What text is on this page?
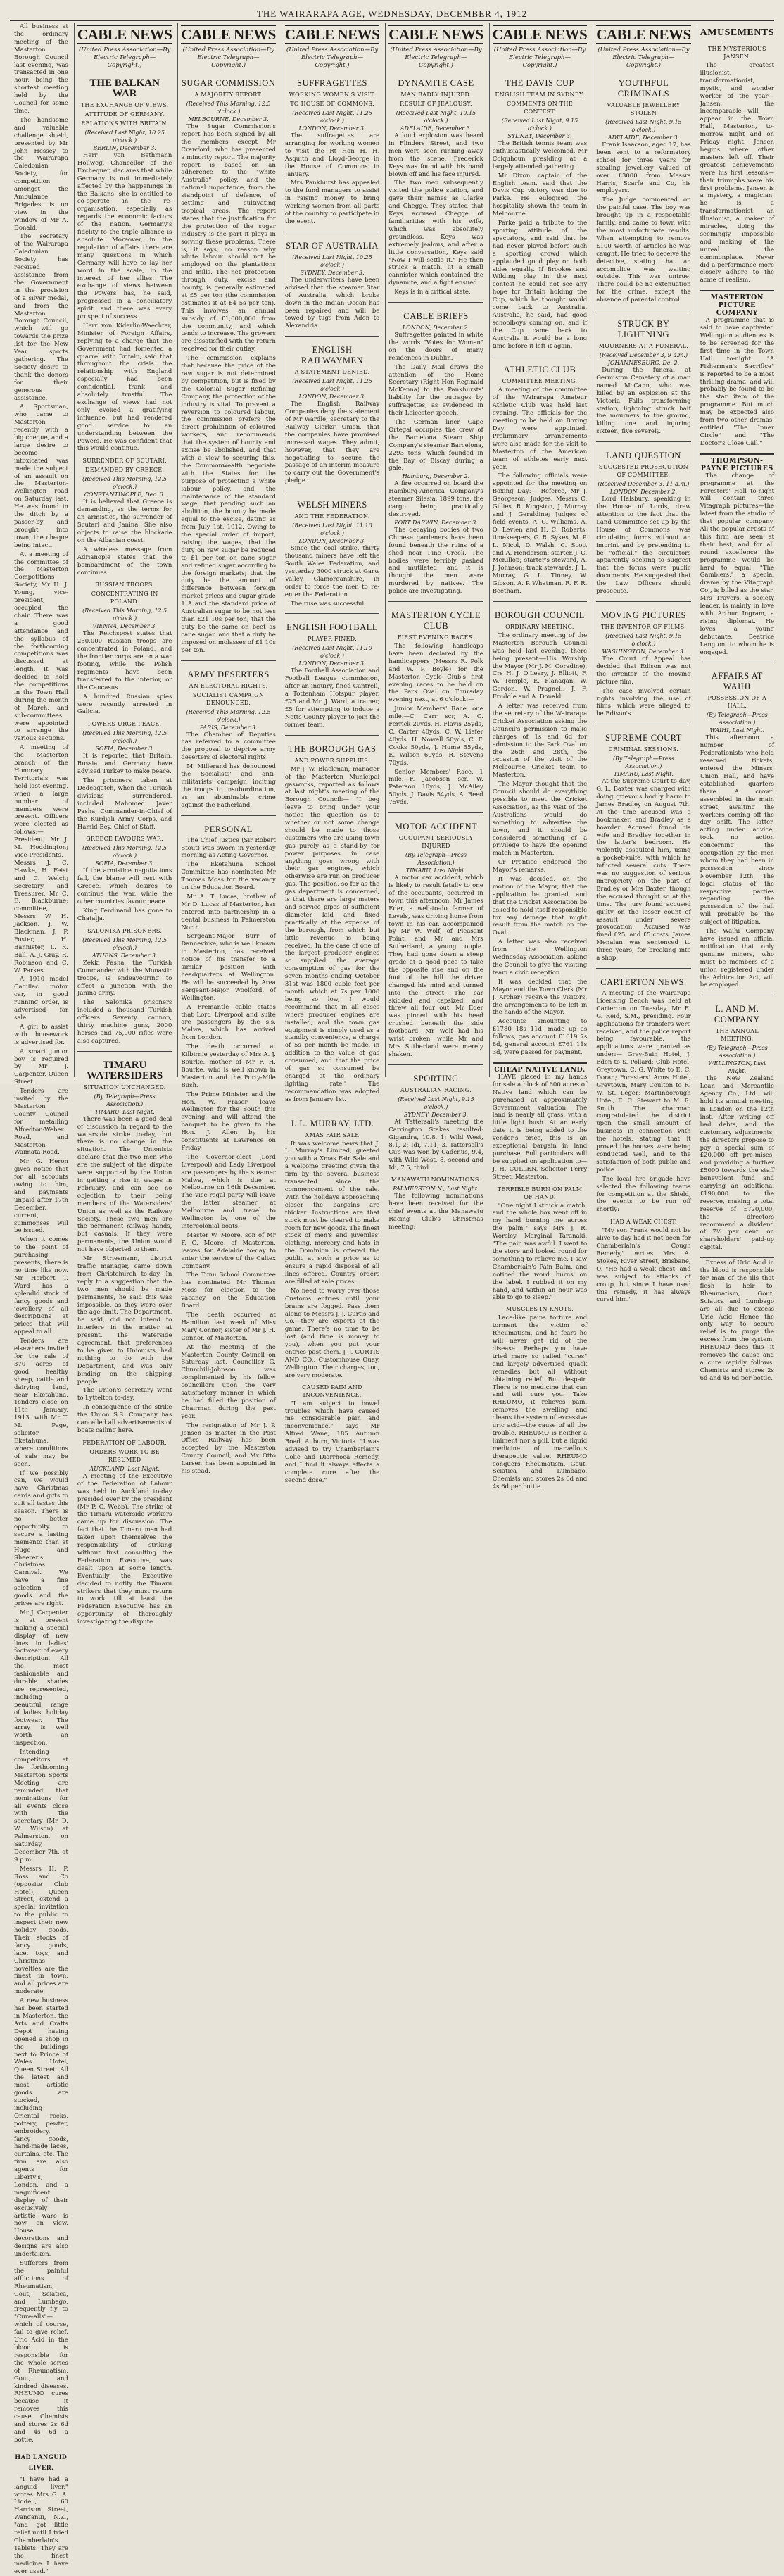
THE WAIRARAPA AGE, WEDNESDAY, DECEMBER 4, 1912

All business at the ordinary meeting of the Masterton Borough Council last evening, was transacted in one hour, being the shortest meeting held by the Council for some time.

The handsome and valuable challenge shield, presented by Mr John Hessey to the Wairarapa Caledonian Society, for competition amongst the Ambulance Brigades, is on view in the window of Mr A. Donald.

The secretary of the Wairarapa Caledonian Society has received assistance from the Government in the provision of a silver medal, and from the Masterton Borough Council, which will go towards the prize list for the New Year sports gathering. The Society desire to thank the donors for their generous assistance.

A Sportsman, who came to Masterton recently with a big cheque, and a large desire to become intoxicated, was made the subject of an assault on the Masterton-Wellington road on Saturday last. He was found in the ditch by a passer-by and brought into town, the cheque being intact.

At a meeting of the committee of the Masterton Competitions Society, Mr H. J. Young, vice-president, occupied the chair. There was a good attendance and the syllabus of the forthcoming competitions was discussed at length. It was decided to hold the competitions in the Town Hall during the month of March, and sub-committees were appointed to arrange the various sections.

A meeting of the Masterton branch of the Honorary Territorials was held last evening, when a large number of members were present. Officers were elected as follows:— President, Mr J. M. Hoddington; Vice-Presidents, Messrs J. C. Hawke, H. Feist and C. Welch; Secretary and Treasurer, Mr C. E. Blackburne; committee, Messrs W. H. Jackson, J. W. Blackman, J. P. Foster, H. Bannister, L. R. Ball, A. J. Gray, R. Robinson and C. W. Parkes.

A 1910 model Cadillac motor car, in good running order, is advertised for sale.

A girl to assist with housework is advertised for.

A smart junior boy is required by Mr J. Carpenter, Queen Street.

Tenders are invited by the Masterton County Council for metalling Alfredton-Weber Road, and Masterton-Waimata Road.

Mr G. Heron gives notice that for all accounts owing to him, and payments unpaid after 17th December, current, summonses will be issued.

When it comes to the point of purchasing presents, there is no time like now. Mr Herbert T. Ward has a splendid stock of fancy goods and jewellery of all descriptions at prices that will appeal to all.

Tenders are elsewhere invited for the sale of 370 acres of good healthy sheep, cattle and dairying land, near Eketahuna. Tenders close on 11th January, 1913, with Mr T. M. Page, solicitor, Eketahuna, where conditions of sale may be seen.

If we possibly can, we would have Christmas cards and gifts to suit all tastes this season. There is no better opportunity to secure a lasting memento than at Hugo and Sheerer's Christmas Carnival. We have a fine selection of goods and the prices are right.

Mr J. Carpenter is at present making a special display of new lines in ladies' footwear of every description. All the most fashionable and durable shades are represented, including a beautiful range of ladies' holiday footwear. The array is well worth an inspection.

Intending competitors at the forthcoming Masterton Sports Meeting are reminded that nominations for all events close with the secretary (Mr D. W. Wilson) at Palmerston, on Saturday, December 7th, at 9 p.m.

Messrs H. P. Ross and Co (opposite Club Hotel), Queen Street, extend a special invitation to the public to inspect their new holiday goods. Their stocks of fancy goods, lace, toys, and Christmas novelties are the finest in town, and all prices are moderate.

A new business has been started in Masterton, the Arts and Crafts Depot having opened a shop in the buildings next to Prince of Wales Hotel, Queen Street. All the latest and most artistic goods are stocked, including Oriental rocks, pottery, pewter, embroidery, fancy goods, hand-made laces, curtains, etc. The firm are also agents for Liberty's, London, and a magnificent display of their exclusively artistic ware is now on view. House decorations and designs are also undertaken.

Sufferers from the painful afflictions of Rheumatism, Gout, Sciatica, and Lumbago, frequently fly to "Cure-alls"—which of course, fail to give relief. Uric Acid in the blood is responsible for the whole series of Rheumatism, Gout, and kindred diseases. RHEUMO cures because it removes this cause. Chemists and stores 2s 6d and 4s 6d a bottle.

HAD LANGUID LIVER.

"I have had a languid liver," writes Mrs G. A. Liddell, 60 Harrison Street, Wanganui, N.Z., "and got little relief until I tried Chamberlain's Tablets. They are the finest medicine I have ever used."

CABLE NEWS
(United Press Association—By Electric Telegraph—Copyright.)
THE BALKAN WAR
THE EXCHANGE OF VIEWS.
ATTITUDE OF GERMANY.
RELATIONS WITH BRITAIN.
(Received Last Night, 10.25 o'clock.)
BERLIN, December 3.

Herr von Bethmann Hollweg, Chancellor of the Exchequer, declares that while Germany is not immediately affected by the happenings in the Balkans, she is entitled to co-operate in the re-organisation, especially as regards the economic factors of the nation. Germany's fidelity to the triple alliance is absolute. Moreover, in the regulation of affairs there are many questions in which Germany will have to lay her word in the scale, in the interest of her allies. The exchange of views between the Powers has, he said, progressed in a conciliatory spirit, and there was every prospect of success.

Herr von Kiderlin-Waechter, Minister of Foreign Affairs, replying to a charge that the Government had fomented a quarrel with Britain, said that throughout the crisis the relationship with England especially had been confidential, frank, and absolutely trustful. The exchange of views had not only evoked a gratifying influence, but had rendered good service to an understanding between the Powers. He was confident that this would continue.

SURRENDER OF SCUTARI.
DEMANDED BY GREECE.
(Received This Morning, 12.5 o'clock.)
CONSTANTINOPLE, Dec. 3.

It is believed that Greece is demanding, as the terms for an armistice, the surrender of Scutari and Janina. She also objects to raise the blockade on the Albanian coast.

A wireless message from Adrianople states that the bombardment of the town continues.

RUSSIAN TROOPS.
CONCENTRATING IN POLAND.
(Received This Morning, 12.5 o'clock.)
VIENNA, December 3.

The Reichspost states that 250,000 Russian troops are concentrated in Poland, and the frontier corps are on a war footing, while the Polish regiments have been transferred to the interior, or the Caucasus.

A hundred Russian spies were recently arrested in Galicia.

POWERS URGE PEACE.
(Received This Morning, 12.5 o'clock.)
SOFIA, December 3.

It is reported that Britain, Russia and Germany have advised Turkey to make peace.

The prisoners taken at Dedeagatch, when the Turkish divisions surrendered, included Mahomed Javer Pasha, Commander-in-Chief of the Kurdjali Army Corps, and Hamid Bey, Chief of Staff.

GREECE FAVOURS WAR.
(Received This Morning, 12.5 o'clock.)
SOFIA, December 3.

If the armistice negotiations fail, the blame will rest with Greece, which desires to continue the war, while the other countries favour peace.

King Ferdinand has gone to Chatalja.

SALONIKA PRISONERS.
(Received This Morning, 12.5 o'clock.)
ATHENS, December 3.

Zekki Pasha, the Turkish Commander with the Monastir troops, is endeavouring to effect a junction with the Janina army.

The Salonika prisoners included a thousand Turkish officers. Seventy cannon, thirty machine guns, 2000 horses and 75,000 rifles were also captured.

TIMARU WATERSIDERS
SITUATION UNCHANGED.
(By Telegraph—Press Association.)
TIMARU, Last Night.

There was been a good deal of discussion in regard to the waterside strike to-day, but there is no change in the situation. The Unionists declare that the two men who are the subject of the dispute were supported by the Union in getting a rise in wages in February, and can see no objection to their being members of the Watersiders' Union as well as the Railway Society. These two men are the permanent railway hands, but casuals. If they were permanents, the Union would not have objected to them.

Mr Striesmann, district traffic manager, came down from Christchurch to-day. In reply to a suggestion that the two men should be made permanents, he said this was impossible, as they were over the age limit. The Department, he said, did not intend to interfere in the matter at present. The waterside agreement, that preferences to be given to Unionists, had nothing to do with the Department, and was only binding on the shipping people.

The Union's secretary went to Lyttelton to-day.

In consequence of the strike the Union S.S. Company has cancelled all advertisements of boats calling here.

FEDERATION OF LABOUR.
ORDERS WORK TO BE RESUMED
AUCKLAND, Last Night.

A meeting of the Executive of the Federation of Labour was held in Auckland to-day presided over by the president (Mr P. C. Webb). The strike of the Timaru waterside workers came up for discussion. The fact that the Timaru men had taken upon themselves the responsibility of striking without first consulting the Federation Executive, was dealt upon at some length. Eventually the Executive decided to notify the Timaru strikers that they must return to work, till at least the Federation Executive has an opportunity of thoroughly investigating the dispute.

CABLE NEWS
(United Press Association—By Electric Telegraph—Copyright.)
SUGAR COMMISSION
A MAJORITY REPORT.
(Received This Morning, 12.5 o'clock.)
MELBOURNE, December 3.

The Sugar Commission's report has been signed by all the members except Mr Crawford, who has presented a minority report. The majority report is based on an adherence to the "white Australia" policy, and the national importance, from the standpoint of defence, of settling and cultivating tropical areas. The report states that the justification for the protection of the sugar industry is the part it plays in solving these problems. There is, it says, no reason why white labour should not be employed on the plantations and mills. The net protection through duty, excise and bounty, is generally estimated at £5 per ton (the commission estimates it at £4 5s per ton). This involves an annual subsidy of £1,000,000 from the community, and which tends to increase. The growers are dissatisfied with the return received for their outlay.

The commission explains that because the price of the raw sugar is not determined by competition, but is fixed by the Colonial Sugar Refining Company, the protection of the industry is vital. To prevent a reversion to coloured labour, the commission prefers the direct prohibition of coloured workers, and recommends that the system of bounty and excise be abolished, and that with a view to securing this, the Commonwealth negotiate with the States for the purpose of protecting a white labour policy, and the maintenance of the standard wage; that pending such an abolition, the bounty be made equal to the excise, dating as from July 1st, 1912. Owing to the special order of import, raising the wages, that the duty on raw sugar be reduced to £1 per ton on cane sugar and refined sugar according to the foreign markets; that the duty be the amount of difference between foreign market prices and sugar grade 1 A and the standard price of Australian sugar to be not less than £21 10s per ton; that the duty be the same on beet as cane sugar, and that a duty be imposed on molasses of £1 10s per ton.

ARMY DESERTERS
AN ELECTORAL RIGHTS.
SOCIALIST CAMPAIGN DENOUNCED.
(Received This Morning, 12.5 o'clock.)
PARIS, December 3.

The Chamber of Deputies has referred to a committee the proposal to deprive army deserters of electoral rights.

M. Millerand has denounced the Socialists' and anti-militarists' campaign, inciting the troops to insubordination, as an abominable crime against the Fatherland.

PERSONAL

The Chief Justice (Sir Robert Stout) was sworn in yesterday morning as Acting-Governor.

The Eketahuna School Committee has nominated Mr Thomas Moss for the vacancy on the Education Board.

Mr A. T. Lucas, brother of Mr D. Lucas of Masterton, has entered into partnership in a dental business in Palmerston North.

Sergeant-Major Burr of Dannevirke, who is well known in Masterton, has received notice of his transfer to a similar position with headquarters at Wellington. He will be succeeded by Area Sergeant-Major Woolford, of Wellington.

A Fremantle cable states that Lord Liverpool and suite are passengers by the s.s. Malwa, which has arrived from London.

The death occurred at Kilbirnie yesterday of Mrs A. J. Bourke, mother of Mr F. H. Bourke, who is well known in Masterton and the Forty-Mile Bush.

The Prime Minister and the Hon. W. Fraser leave Wellington for the South this evening, and will attend the banquet to be given to the Hon. J. Allen by his constituents at Lawrence on Friday.

The Governor-elect (Lord Liverpool) and Lady Liverpool are passengers by the steamer Malwa, which is due at Melbourne on 16th December. The vice-regal party will leave the latter steamer at Melbourne and travel to Wellington by one of the intercolonial boats.

Master W. Moore, son of Mr F. G. Moore, of Masterton, leaves for Adelaide to-day to enter the service of the Caltex Company.

The Timu School Committee has nominated Mr Thomas Moss for election to the vacancy on the Education Board.

The death occurred at Hamilton last week of Miss Mary Connor, sister of Mr J. H. Connor, of Masterton.

At the meeting of the Masterton County Council on Saturday last, Councillor G. Churchill-Johnson was complimented by his fellow councillors upon the very satisfactory manner in which he had filled the position of Chairman during the past year.

The resignation of Mr J. P. Jensen as master in the Post Office Railway has been accepted by the Masterton County Council, and Mr Otto Larsen has been appointed in his stead.

CABLE NEWS
(United Press Association—By Electric Telegraph—Copyright.)
SUFFRAGETTES
WORKING WOMEN'S VISIT.
TO HOUSE OF COMMONS.
(Received Last Night, 11.25 o'clock.)
LONDON, December 3.

The suffragettes are arranging for working women to visit the Rt Hon H. H. Asquith and Lloyd-George in the House of Commons in January.

Mrs Pankhurst has appealed to the fund managers to assist in raising money to bring working women from all parts of the country to participate in the event.

STAR OF AUSTRALIA
(Received Last Night, 10.25 o'clock.)
SYDNEY, December 3.

The underwriters have been advised that the steamer Star of Australia, which broke down in the Indian Ocean has been repaired and will be towed by tugs from Aden to Alexandria.

ENGLISH RAILWAYMEN
A STATEMENT DENIED.
(Received Last Night, 11.25 o'clock.)
LONDON, December 3.

The English Railway Companies deny the statement of Mr Wardle, secretary to the Railway Clerks' Union, that the companies have promised increased wages. They admit, however, that they are negotiating to secure the passage of an interim measure to carry out the Government's pledge.

WELSH MINERS
AND THE FEDERATION.
(Received Last Night, 11.10 o'clock.)
LONDON, December 3.

Since the coal strike, thirty thousand miners have left the South Wales Federation, and yesterday 3000 struck at Garw Valley, Glamorganshire, in order to force the men to re-enter the Federation.

The ruse was successful.

ENGLISH FOOTBALL
PLAYER FINED.
(Received Last Night, 11.10 o'clock.)
LONDON, December 3.

The Football Association and Football League commission, after an inquiry, fined Cantrell, a Tottenham Hotspur player, £25 and Mr. J. Ward, a trainer, £5 for attempting to induce a Notts County player to join the former team.

THE BOROUGH GAS
AND POWER SUPPLIES.

Mr J. W. Blackman, manager of the Masterton Municipal gasworks, reported as follows at last night's meeting of the Borough Council:— "I beg leave to bring under your notice the question as to whether or not some change should be made to those customers who are using town gas purely as a stand-by for power purposes, in case anything goes wrong with their gas engines, which otherwise are run on producer gas. The position, so far as the gas department is concerned, is that there are large meters and service pipes of sufficient diameter laid and fixed practically at the expense of the borough, from which but little revenue is being received. In the case of one of the largest producer engines so supplied, the average consumption of gas for the seven months ending October 31st was 1800 cubic feet per month, which at 7s per 1000 being so low, I would recommend that in all cases where producer engines are installed, and the town gas equipment is simply used as a standby convenience, a charge of 5s per month be made, in addition to the value of gas consumed, and that the price of gas so consumed be charged at the ordinary lighting rate." The recommendation was adopted as from January 1st.

J. L. MURRAY, LTD.
XMAS FAIR SALE

It was welcome news that J. L. Murray's Limited, greeted you with a Xmas Fair Sale and a welcome greeting given the firm by the several business transacted since the commencement of the sale. With the holidays approaching closer the bargains are thicker. Instructions are that stock must be cleared to make room for new goods. The finest stock of men's and juveniles' clothing, mercery and hats in the Dominion is offered the public at such a price as to ensure a rapid disposal of all lines offered. Country orders are filled at sale prices.

No need to worry over those Customs entries until your brains are fogged. Pass them along to Messrs J. J. Curtis and Co.—they are experts at the game. There's no time to be lost (and time is money to you), when you put your entries past them. J. J. CURTIS AND CO., Customhouse Quay, Wellington. Their charges, too, are very moderate.

CAUSED PAIN AND INCONVENIENCE.

"I am subject to bowel troubles which have caused me considerable pain and inconvenience," says Mr Alfred Wane, 185 Autumn Road, Auburn, Victoria. "I was advised to try Chamberlain's Colic and Diarrhoea Remedy, and I find it always effects a complete cure after the second dose."

CABLE NEWS
(United Press Association—By Electric Telegraph—Copyright.)
DYNAMITE CASE
MAN BADLY INJURED.
RESULT OF JEALOUSY.
(Received Last Night, 10.15 o'clock.)
ADELAIDE, December 3.

A loud explosion was heard in Flinders Street, and two men were seen running away from the scene. Frederick Keys was found with his hand blown off and his face injured.

The two men subsequently visited the police station, and gave their names as Clarke and Chegge. They stated that Keys accused Chegge of familiarities with his wife, which was absolutely groundless. Keys was extremely jealous, and after a little conversation, Keys said "Now I will settle it." He then struck a match, lit a small cannister which contained the dynamite, and a fight ensued.

Keys is in a critical state.

CABLE BRIEFS
LONDON, December 2.

Suffragettes painted in white the words "Votes for Women" on the doors of many residences in Dublin.

The Daily Mail draws the attention of the Home Secretary (Right Hon Reginald McKenna) to the Pankhursts' liability for the outrages by suffragettes, as evidenced in their Leicester speech.

The German liner Cape Ortegal occupies the crew of the Barcelona Steam Ship Company's steamer Barcelona, 2293 tons, which founded in the Bay of Biscay during a gale.

Hamburg, December 2.

A fire occurred on board the Hamburg-America Company's steamer Silesia, 1899 tons, the cargo being practically destroyed.

PORT DARWIN, December 3.

The decaying bodies of two Chinese gardeners have been found beneath the ruins of a shed near Pine Creek. The bodies were terribly gashed and mutilated, and it is thought the men were murdered by natives. The police are investigating.

MASTERTON CYCLE CLUB
FIRST EVENING RACES.

The following handicaps have been declared by the handicappers (Messrs R. Polk and W. P. Boyle) for the Masterton Cycle Club's first evening races to be held on the Park Oval on Thursday evening next, at 6 o'clock:—

Junior Members' Race, one mile.—C. Carr scr, A. C. Ferrick 20yds, H. Flavis 25yds, C. Carter 40yds, C. W. Liefer 40yds, H. Nowell 50yds, C. F. Cooks 50yds, J. Hume 55yds, E. Wilson 60yds, R. Stevens 70yds.

Senior Members' Race, 1 mile.—F. Jacobsen scr, W. Paterson 10yds, J. McAlley 50yds, J. Davis 54yds, A. Reed 75yds.

MOTOR ACCIDENT
OCCUPANT SERIOUSLY INJURED
(By Telegraph—Press Association.)
TIMARU, Last Night.

A motor car accident, which is likely to result fatally to one of the occupants, occurred in town this afternoon. Mr James Eder, a well-to-do farmer of Levels, was driving home from town in his car, accompanied by Mr W. Wolf, of Pleasant Point, and Mr and Mrs Sutherland, a young couple. They had gone down a steep grade at a good pace to take the opposite rise and on the foot of the hill the driver changed his mind and turned into the street. The car skidded and capsized, and threw all four out. Mr Eder was pinned with his head crushed beneath the side footboard. Mr Wolf had his wrist broken, while Mr and Mrs Sutherland were merely shaken.

SPORTING
AUSTRALIAN RACING.
(Received Last Night, 9.15 o'clock.)
SYDNEY, December 3.

At Tattersall's meeting the Carrington Stakes resulted: Gigandra, 10.8, 1; Wild West, 8.1, 2; Idi, 7.11, 3. Tattersall's Cup was won by Cadenus, 9.4, with Wild West, 8, second and Idi, 7.5, third.

MANAWATU NOMINATIONS.
PALMERSTON N., Last Night.

The following nominations have been received for the chief events at the Manawatu Racing Club's Christmas meeting:

CABLE NEWS
(United Press Association—By Electric Telegraph—Copyright.)
THE DAVIS CUP
ENGLISH TEAM IN SYDNEY.
COMMENTS ON THE CONTEST.
(Received Last Night, 9.15 o'clock.)
SYDNEY, December 3.

The British tennis team was enthusiastically welcomed. Mr Colquhoun presiding at a largely attended gathering.

Mr Dixon, captain of the English team, said that the Davis Cup victory was due to Parke. He eulogised the hospitality shown the team in Melbourne.

Parke paid a tribute to the sporting attitude of the spectators, and said that he had never played before such a sporting crowd which applauded good play on both sides equally. If Brookes and Wilding play in the next contest he could not see any hope for Britain holding the Cup, which he thought would come back to Australia. Australia, he said, had good schoolboys coming on, and if the Cup came back to Australia it would be a long time before it left it again.

ATHLETIC CLUB
COMMITTEE MEETING.

A meeting of the committee of the Wairarapa Amateur Athletic Club was held last evening. The officials for the meeting to be held on Boxing Day were appointed. Preliminary arrangements were also made for the visit to Masterton of the American team of athletes early next year.

The following officials were appointed for the meeting on Boxing Day:— Referee, Mr J. Georgeson; Judges, Messrs C. Gillies, R. Kingston, J. Murray and J. Geraldine; Judges of field events, A. C. Williams, A. O. Levien and H. C. Roberts; timekeepers, G. R. Sykes, M. P. L. Nicol, D. Walsh, C. Scott and A. Henderson; starter, J. C. McKillop; starter's steward, A. J. Johnson; track stewards, J. L. Murray, G. L. Tinney, W. Gibson, A. P. Whatman, R. F. R. Beetham.

BOROUGH COUNCIL
ORDINARY MEETING.

The ordinary meeting of the Masterton Borough Council was held last evening, there being present:—His Worship the Mayor (Mr J. M. Coradine), Crs H. J. O'Leary, J. Elliott, F. W. Temple, E. Flanagan, W. Gordon, W. Pragnell, J. F. Fruddle and A. Donald.

A letter was received from the secretary of the Wairarapa Cricket Association asking the Council's permission to make charges of 1s and 6d for admission to the Park Oval on the 26th and 28th, the occasion of the visit of the Melbourne Cricket team to Masterton.

The Mayor thought that the Council should do everything possible to meet the Cricket Association, as the visit of the Australians would do something to advertise the town, and it should be considered something of a privilege to have the opening match in Masterton.

Cr Prentice endorsed the Mayor's remarks.

It was decided, on the motion of the Mayor, that the application be granted, and that the Cricket Association be asked to hold itself responsible for any damage that might result from the match on the Oval.

A letter was also received from the Wellington Wednesday Association, asking the Council to give the visiting team a civic reception.

It was decided that the Mayor and the Town Clerk (Mr J. Archer) receive the visitors, the arrangements to be left in the hands of the Mayor.

Accounts amounting to £1780 18s 11d, made up as follows, gas account £1019 7s 8d, general account £761 11s 3d, were passed for payment.

CHEAP NATIVE LAND.

HAVE placed in my hands for sale a block of 600 acres of Native land which can be purchased at approximately Government valuation. The land is nearly all grass, with a little light bush. At an early date it is being added to the vendor's price, this is an exceptional bargain in land purchase. Full particulars will be supplied on application to—J. H. CULLEN, Solicitor, Perry Street, Masterton.

TERRIBLE BURN ON PALM OF HAND.

"One night I struck a match, and the whole box went off in my hand burning me across the palm," says Mrs J. R. Worsley, Marginal Taranaki. "The pain was awful. I went to the store and looked round for something to relieve me. I saw Chamberlain's Pain Balm, and noticed the word 'burns' on the label. I rubbed it on my hand, and within an hour was able to go to sleep."

MUSCLES IN KNOTS.

Lace-like pains torture and torment the victim of Rheumatism, and he fears he will never get rid of the disease. Perhaps you have tried many so called "cures" and largely advertised quack remedies but all without obtaining relief. But despair. There is no medicine that can and will cure you. Take RHEUMO, it relieves pain, removes the swelling and cleans the system of excessive uric acid—the cause of all the trouble. RHEUMO is neither a liniment nor a pill, but a liquid medicine of marvellous therapeutic value. RHEUMO conquers Rheumatism, Gout, Sciatica and Lumbago. Chemists and stores 2s 6d and 4s 6d per bottle.

CABLE NEWS
(United Press Association—By Electric Telegraph—Copyright.)
YOUTHFUL CRIMINALS
VALUABLE JEWELLERY STOLEN
(Received Last Night, 9.15 o'clock.)
ADELAIDE, December 3.

Frank Isaacson, aged 17, has been sent to a reformatory school for three years for stealing jewellery valued at over £3000 from Messrs Harris, Scarfe and Co, his employers.

The Judge commented on the painful case. The boy was brought up in a respectable family, and came to town with the most unfortunate results. When attempting to remove £100 worth of articles he was caught. He tried to deceive the detective, stating that an accomplice was waiting outside. This was untrue. There could be no extenuation for the crime, except the absence of parental control.

STRUCK BY LIGHTNING
MOURNERS AT A FUNERAL.
(Received December 3, 9 a.m.)
JOHANNESBURG, De. 2.

During the funeral at Germiston Cemetery of a man named McCann, who was killed by an explosion at the Victoria Falls transforming station, lightning struck half the mourners to the ground, killing one and injuring sixteen, five severely.

LAND QUESTION
SUGGESTED PROSECUTION OF COMMITTEE.
(Received December 3, 11 a.m.)
LONDON, December 2.

Lord Halsbury, speaking in the House of Lords, drew attention to the fact that the Land Committee set up by the House of Commons was circulating forms without an imprint and by pretending to be "official," the circulators apparently seeking to suggest that the forms were public documents. He suggested that the Law Officers should prosecute.

MOVING PICTURES
THE INVENTOR OF FILMS.
(Received Last Night, 9.15 o'clock.)
WASHINGTON, December 3.

The Court of Appeal has decided that Edison was not the inventor of the moving picture film.

The case involved certain rights involving the use of films, which were alleged to be Edison's.

SUPREME COURT
CRIMINAL SESSIONS.
(By Telegraph—Press Association.)
TIMARU, Last Night.

At the Supreme Court to-day, G. L. Baxter was charged with doing grievous bodily harm to James Bradley on August 7th. At the time accused was a bookmaker, and Bradley as a boarder. Accused found his wife and Bradley together in the latter's bedroom. He violently assaulted him, using a pocket-knife, with which he inflicted several cuts. There was no suggestion of serious impropriety on the part of Bradley or Mrs Baxter, though the accused thought so at the time. The jury found accused guilty on the lesser count of assault under severe provocation. Accused was fined £25, and £5 costs. James Menalan was sentenced to three years, for breaking into a shop.

CARTERTON NEWS.

A meeting of the Wairarapa Licensing Bench was held at Carterton on Tuesday, Mr E. G. Reid, S.M., presiding. Four applications for transfers were received, and the police report being favourable, the applications were granted as under:— Grey-Bain Hotel, J. Eden to S. Pollard; Club Hotel, Greytown, C. G. White to E. C. Doran; Foresters' Arms Hotel, Greytown, Mary Coulton to R. W. St. Leger; Martinborough Hotel, E. C. Stewart to M. R. Smith. The chairman congratulated the district upon the small amount of business in connection with the hotels, stating that it proved the houses were being conducted well, and to the satisfaction of both public and police.

The local fire brigade have selected the following teams for competition at the Shield, the events to be run off shortly:

HAD A WEAK CHEST.

"My son Frank would not be alive to-day had it not been for Chamberlain's Cough Remedy," writes Mrs A. Stokes, River Street, Brisbane, Q. "He had a weak chest, and was subject to attacks of croup, but since I have used this remedy, it has always cured him."

AMUSEMENTS
THE MYSTERIOUS JANSEN.

The greatest illusionist, transformationist, mystic, and wonder worker of the year—Jansen, the incomparable—will appear in the Town Hall, Masterton, to-morrow night and on Friday night. Jansen begins where other masters left off. Their greatest achievements were his first lessons—their triumphs were his first problems. Jansen is a mystery, a magician, he is a transformationist, an illusionist, a maker of miracles, doing the seemingly impossible and making of the unreal the commonplace. Never did a performance more closely adhere to the acme of realism.

MASTERTON PICTURE COMPANY

A programme that is said to have captivated Wellington audiences is to be screened for the first time in the Town Hall to-night. "A Fisherman's Sacrifice" is reported to be a most thrilling drama, and will probably be found to be the star item of the programme. But much may be expected also from two other dramas, entitled "The Inner Circle" and "The Doctor's Close Call."

THOMPSON-PAYNE PICTURES

The change of programme at the Foresters' Hall to-night will contain three Vitagraph pictures—the latest from the studio of that popular company. All the popular artists of this firm are seen at their best, and for all round excellence the programme would be hard to equal. "The Gamblers," a special drama by the Vitagraph Co., is billed as the star. Mrs Travers, a society leader, is mainly in love with Arthur Ingram, a rising diplomat. He loves a young debutante, Beatrice Langton, to whom he is engaged.

AFFAIRS AT WAIHI
POSSESSION OF A HALL.
(By Telegraph—Press Association.)
WAIHI, Last Night.

This afternoon a number of Federationists who held reserved tickets, entered the Miners' Union Hall, and have established quarters there. A crowd assembled in the main street, awaiting the workers coming off the day shift. The latter, acting under advice, took no action concerning the occupation by the men whom they had been in possession since November 12th. The legal status of the respective parties regarding the possession of the hall will probably be the subject of litigation.

The Waihi Company have issued an official notification that only genuine miners, who must be members of a union registered under the Arbitration Act, will be employed.

L. AND M. COMPANY
THE ANNUAL MEETING.
(By Telegraph—Press Association.)
WELLINGTON, Last Night.

The New Zealand Loan and Mercantile Agency Co., Ltd. will hold its annual meeting in London on the 12th inst. After writing off bad debts, and the customary adjustments, the directors propose to pay a special sum of £20,000 off pre-mises, and providing a further £5000 towards the staff benevolent fund and carrying an additional £190,000 to the reserve, making a total reserve of £720,000, the directors recommend a dividend of 7½ per cent. on shareholders' paid-up capital.

Excess of Uric Acid in the blood is responsible for man of the ills that flesh is heir to. Rheumatism, Gout, Sciatica and Lumbago are all due to excess Uric Acid. Hence the only way to secure relief is to purge the excess from the system. RHEUMO does this—it removes the cause and a cure rapidly follows. Chemists and stores 2s 6d and 4s 6d per bottle.
